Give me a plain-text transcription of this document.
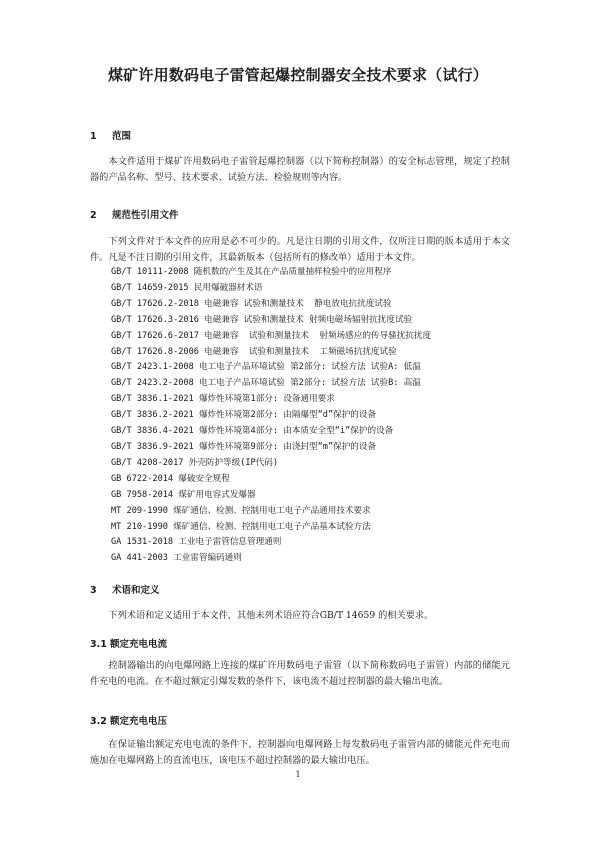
煤矿许用数码电子雷管起爆控制器安全技术要求（试行）
1 范围
本文件适用于煤矿许用数码电子雷管起爆控制器（以下简称控制器）的安全标志管理，规定了控制器的产品名称、型号、技术要求、试验方法、检验规则等内容。
2 规范性引用文件
下列文件对于本文件的应用是必不可少的。凡是注日期的引用文件，仅所注日期的版本适用于本文件。凡是不注日期的引用文件，其最新版本（包括所有的修改单）适用于本文件。
GB/T 10111-2008 随机数的产生及其在产品质量抽样检验中的应用程序
GB/T 14659-2015 民用爆破器材术语
GB/T 17626.2-2018 电磁兼容 试验和测量技术  静电放电抗扰度试验
GB/T 17626.3-2016 电磁兼容 试验和测量技术 射频电磁场辐射抗扰度试验
GB/T 17626.6-2017 电磁兼容  试验和测量技术  射频场感应的传导骚扰抗扰度
GB/T 17626.8-2006 电磁兼容  试验和测量技术  工频磁场抗扰度试验
GB/T 2423.1-2008 电工电子产品环境试验 第2部分: 试验方法 试验A: 低温
GB/T 2423.2-2008 电工电子产品环境试验 第2部分: 试验方法 试验B: 高温
GB/T 3836.1-2021 爆炸性环境第1部分: 设备通用要求
GB/T 3836.2-2021 爆炸性环境第2部分: 由隔爆型“d”保护的设备
GB/T 3836.4-2021 爆炸性环境第4部分: 由本质安全型“i”保护的设备
GB/T 3836.9-2021 爆炸性环境第9部分: 由浇封型“m”保护的设备
GB/T 4208-2017 外壳防护等级(IP代码)
GB 6722-2014 爆破安全规程
GB 7958-2014 煤矿用电容式发爆器
MT 209-1990 煤矿通信、检测、控制用电工电子产品通用技术要求
MT 210-1990 煤矿通信、检测、控制用电工电子产品基本试验方法
GA 1531-2018 工业电子雷管信息管理通则
GA 441-2003 工业雷管编码通则
3 术语和定义
下列术语和定义适用于本文件，其他未列术语应符合GB/T 14659 的相关要求。
3.1 额定充电电流
控制器输出的向电爆网路上连接的煤矿许用数码电子雷管（以下简称数码电子雷管）内部的储能元件充电的电流。在不超过额定引爆发数的条件下，该电流不超过控制器的最大输出电流。
3.2 额定充电电压
在保证输出额定充电电流的条件下，控制器向电爆网路上每发数码电子雷管内部的储能元件充电而施加在电爆网路上的直流电压，该电压不超过控制器的最大输出电压。
1
